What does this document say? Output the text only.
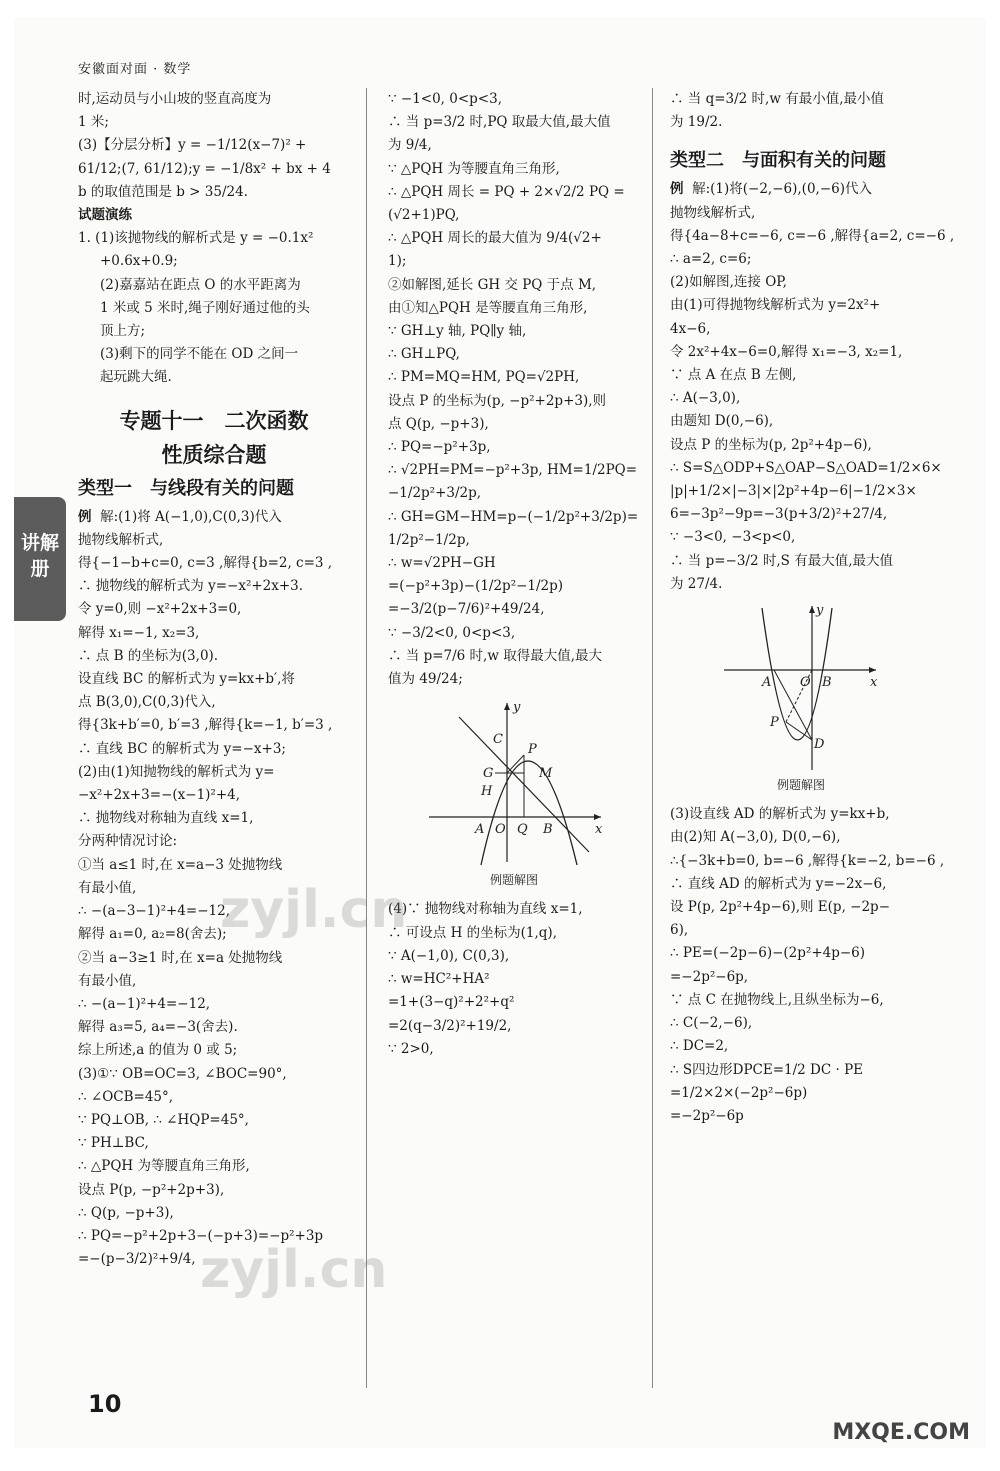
安徽面对面 · 数学
讲解册
时,运动员与小山坡的竖直高度为
1 米;
(3)【分层分析】y = −1/12(x−7)² +
61/12;(7, 61/12);y = −1/8x² + bx + 4
b 的取值范围是 b > 35/24.
试题演练
1. (1)该抛物线的解析式是 y = −0.1x²
+0.6x+0.9;
(2)嘉嘉站在距点 O 的水平距离为
1 米或 5 米时,绳子刚好通过他的头
顶上方;
(3)剩下的同学不能在 OD 之间一
起玩跳大绳.
专题十一　二次函数
性质综合题
类型一　与线段有关的问题
例 解:(1)将 A(−1,0),C(0,3)代入
抛物线解析式,
得{−1−b+c=0, c=3 ,解得{b=2, c=3 ,
∴ 抛物线的解析式为 y=−x²+2x+3.
令 y=0,则 −x²+2x+3=0,
解得 x₁=−1, x₂=3,
∴ 点 B 的坐标为(3,0).
设直线 BC 的解析式为 y=kx+b′,将
点 B(3,0),C(0,3)代入,
得{3k+b′=0, b′=3 ,解得{k=−1, b′=3 ,
∴ 直线 BC 的解析式为 y=−x+3;
(2)由(1)知抛物线的解析式为 y=
−x²+2x+3=−(x−1)²+4,
∴ 抛物线对称轴为直线 x=1,
分两种情况讨论:
①当 a≤1 时,在 x=a−3 处抛物线
有最小值,
∴ −(a−3−1)²+4=−12,
解得 a₁=0, a₂=8(舍去);
②当 a−3≥1 时,在 x=a 处抛物线
有最小值,
∴ −(a−1)²+4=−12,
解得 a₃=5, a₄=−3(舍去).
综上所述,a 的值为 0 或 5;
(3)①∵ OB=OC=3, ∠BOC=90°,
∴ ∠OCB=45°,
∵ PQ⊥OB, ∴ ∠HQP=45°,
∵ PH⊥BC,
∴ △PQH 为等腰直角三角形,
设点 P(p, −p²+2p+3),
∴ Q(p, −p+3),
∴ PQ=−p²+2p+3−(−p+3)=−p²+3p
=−(p−3/2)²+9/4,
∵ −1<0, 0<p<3,
∴ 当 p=3/2 时,PQ 取最大值,最大值
为 9/4,
∵ △PQH 为等腰直角三角形,
∴ △PQH 周长 = PQ + 2×√2/2 PQ =
(√2+1)PQ,
∴ △PQH 周长的最大值为 9/4(√2+
1);
②如解图,延长 GH 交 PQ 于点 M,
由①知△PQH 是等腰直角三角形,
∵ GH⊥y 轴, PQ∥y 轴,
∴ GH⊥PQ,
∴ PM=MQ=HM, PQ=√2PH,
设点 P 的坐标为(p, −p²+2p+3),则
点 Q(p, −p+3),
∴ PQ=−p²+3p,
∴ √2PH=PM=−p²+3p, HM=1/2PQ=
−1/2p²+3/2p,
∴ GH=GM−HM=p−(−1/2p²+3/2p)=
1/2p²−1/2p,
∴ w=√2PH−GH
=(−p²+3p)−(1/2p²−1/2p)
=−3/2(p−7/6)²+49/24,
∵ −3/2<0, 0<p<3,
∴ 当 p=7/6 时,w 取得最大值,最大
值为 49/24;
y
x
C
P
M
G
H
A O Q B
例题解图
(4)∵ 抛物线对称轴为直线 x=1,
∴ 可设点 H 的坐标为(1,q),
∵ A(−1,0), C(0,3),
∴ w=HC²+HA²
=1+(3−q)²+2²+q²
=2(q−3/2)²+19/2,
∵ 2>0,
∴ 当 q=3/2 时,w 有最小值,最小值
为 19/2.
类型二　与面积有关的问题
例 解:(1)将(−2,−6),(0,−6)代入
抛物线解析式,
得{4a−8+c=−6, c=−6 ,解得{a=2, c=−6 ,
∴ a=2, c=6;
(2)如解图,连接 OP,
由(1)可得抛物线解析式为 y=2x²+
4x−6,
令 2x²+4x−6=0,解得 x₁=−3, x₂=1,
∵ 点 A 在点 B 左侧,
∴ A(−3,0),
由题知 D(0,−6),
设点 P 的坐标为(p, 2p²+4p−6),
∴ S=S△ODP+S△OAP−S△OAD=1/2×6×
|p|+1/2×|−3|×|2p²+4p−6|−1/2×3×
6=−3p²−9p=−3(p+3/2)²+27/4,
∵ −3<0, −3<p<0,
∴ 当 p=−3/2 时,S 有最大值,最大值
为 27/4.
y
x
A O B
P
D
例题解图
(3)设直线 AD 的解析式为 y=kx+b,
由(2)知 A(−3,0), D(0,−6),
∴{−3k+b=0, b=−6 ,解得{k=−2, b=−6 ,
∴ 直线 AD 的解析式为 y=−2x−6,
设 P(p, 2p²+4p−6),则 E(p, −2p−
6),
∴ PE=(−2p−6)−(2p²+4p−6)
=−2p²−6p,
∵ 点 C 在抛物线上,且纵坐标为−6,
∴ C(−2,−6),
∴ DC=2,
∴ S四边形DPCE=1/2 DC · PE
=1/2×2×(−2p²−6p)
=−2p²−6p
10
zyjl.cn
zyjl.cn
MXQE.COM
